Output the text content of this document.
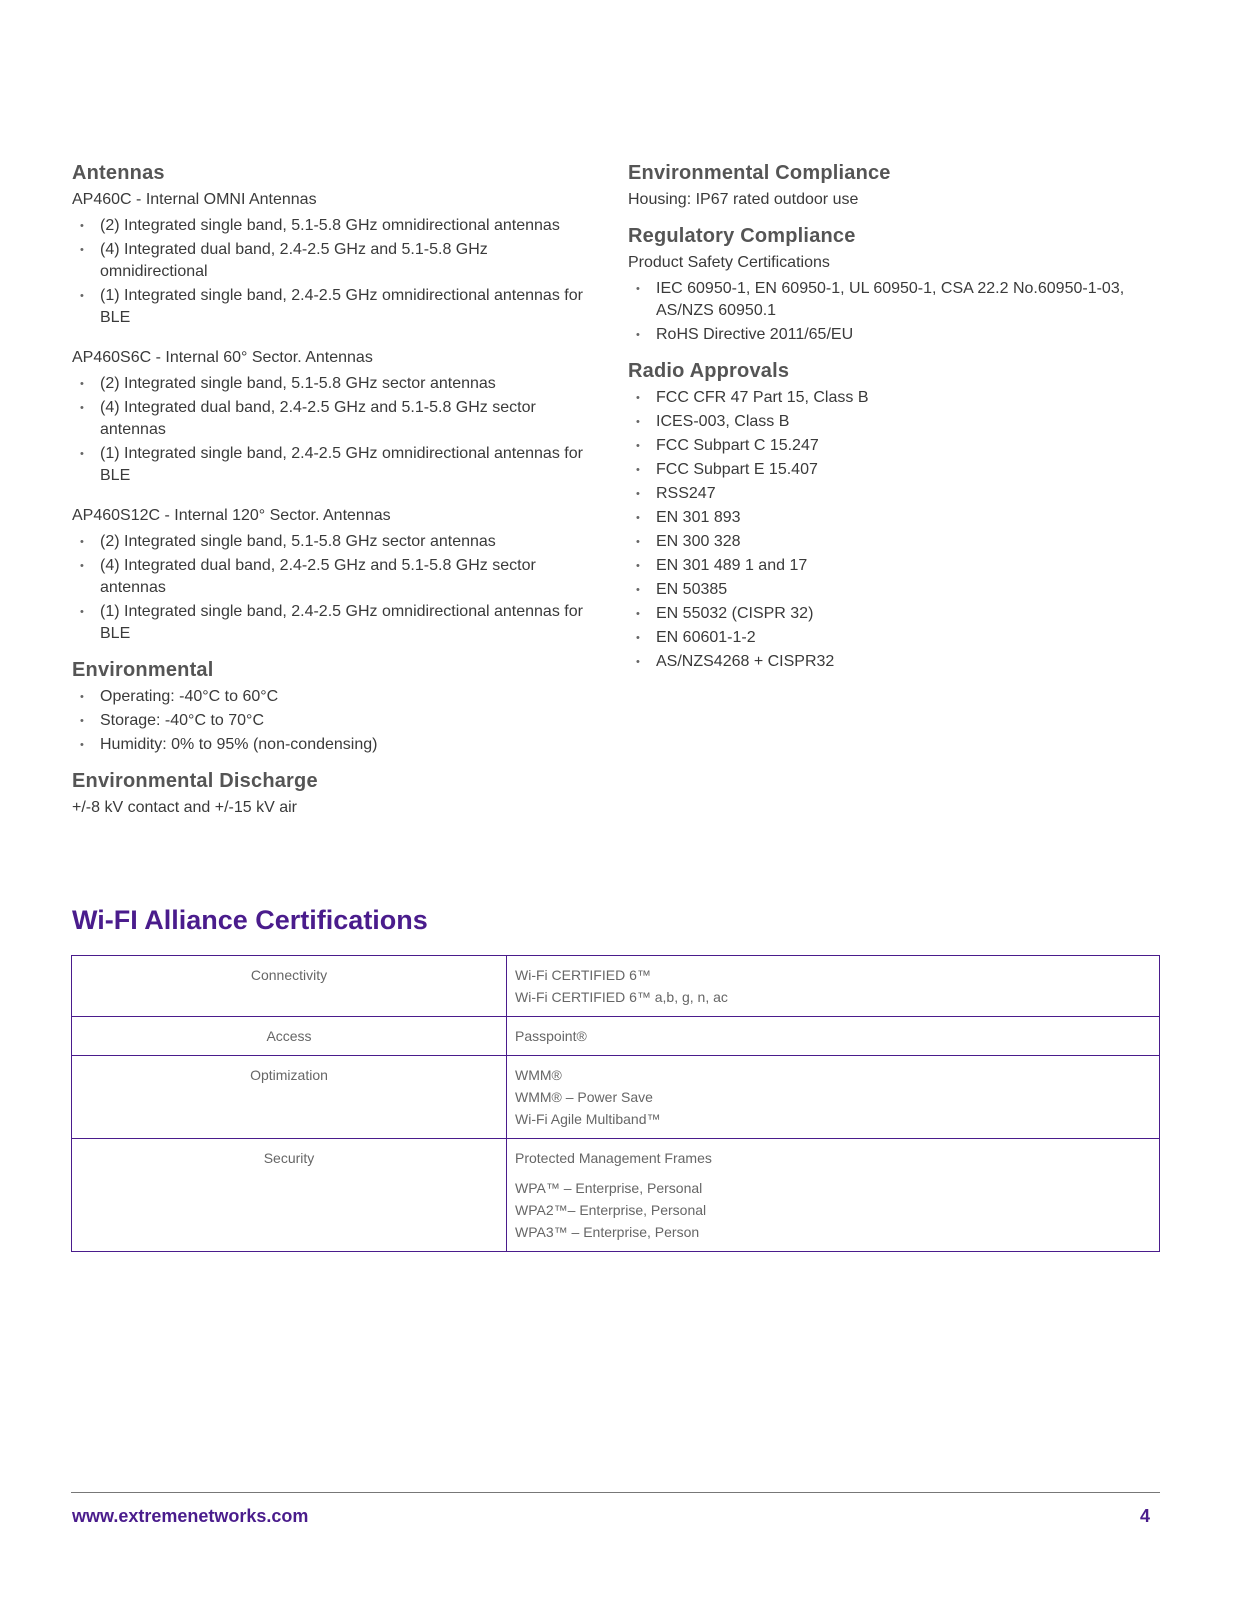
Antennas
AP460C - Internal OMNI Antennas
• (2) Integrated single band, 5.1-5.8 GHz omnidirectional antennas
• (4) Integrated dual band, 2.4-2.5 GHz and 5.1-5.8 GHz omnidirectional
• (1) Integrated single band, 2.4-2.5 GHz omnidirectional antennas for BLE
AP460S6C - Internal 60° Sector. Antennas
• (2) Integrated single band, 5.1-5.8 GHz sector antennas
• (4) Integrated dual band, 2.4-2.5 GHz and 5.1-5.8 GHz sector antennas
• (1) Integrated single band, 2.4-2.5 GHz omnidirectional antennas for BLE
AP460S12C - Internal 120° Sector. Antennas
• (2) Integrated single band, 5.1-5.8 GHz sector antennas
• (4) Integrated dual band, 2.4-2.5 GHz and 5.1-5.8 GHz sector antennas
• (1) Integrated single band, 2.4-2.5 GHz omnidirectional antennas for BLE
Environmental
• Operating: -40°C to 60°C
• Storage: -40°C to 70°C
• Humidity: 0% to 95% (non-condensing)
Environmental Discharge
+/-8 kV contact and +/-15 kV air
Environmental Compliance
Housing: IP67 rated outdoor use
Regulatory Compliance
Product Safety Certifications
• IEC 60950-1, EN 60950-1, UL 60950-1, CSA 22.2 No.60950-1-03, AS/NZS 60950.1
• RoHS Directive 2011/65/EU
Radio Approvals
• FCC CFR 47 Part 15, Class B
• ICES-003, Class B
• FCC Subpart C 15.247
• FCC Subpart E 15.407
• RSS247
• EN 301 893
• EN 300 328
• EN 301 489 1 and 17
• EN 50385
• EN 55032 (CISPR 32)
• EN 60601-1-2
• AS/NZS4268 + CISPR32
Wi-FI Alliance Certifications
Connectivity	Wi-Fi CERTIFIED 6™
Wi-Fi CERTIFIED 6™ a,b, g, n, ac

Access	Passpoint®

Optimization	WMM®
WMM® – Power Save
Wi-Fi Agile Multiband™

Security	Protected Management Frames
WPA™ – Enterprise, Personal
WPA2™– Enterprise, Personal
WPA3™ – Enterprise, Person
www.extremenetworks.com	4
